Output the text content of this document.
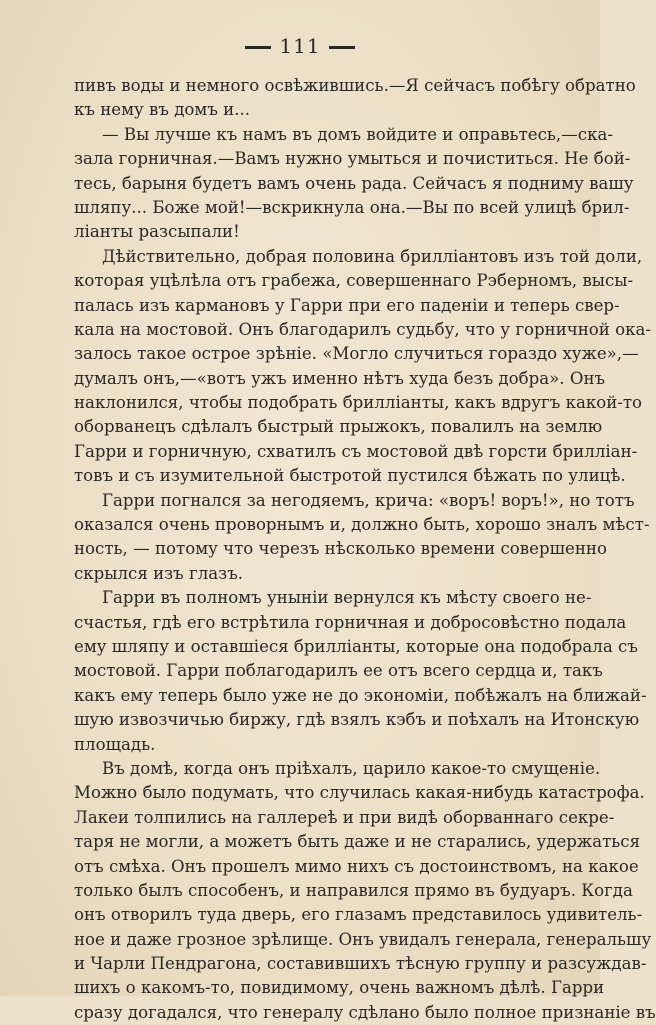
111
пивъ воды и немного освѣжившись.—Я сейчасъ побѣгу обратно
къ нему въ домъ и...
— Вы лучше къ намъ въ домъ войдите и оправьтесь,—ска-
зала горничная.—Вамъ нужно умыться и почиститься. Не бой-
тесь, барыня будетъ вамъ очень рада. Сейчасъ я подниму вашу
шляпу... Боже мой!—вскрикнула она.—Вы по всей улицѣ брил-
ліанты разсыпали!
Дѣйствительно, добрая половина брилліантовъ изъ той доли,
которая уцѣлѣла отъ грабежа, совершеннаго Рэберномъ, высы-
палась изъ кармановъ у Гарри при его паденіи и теперь свер-
кала на мостовой. Онъ благодарилъ судьбу, что у горничной ока-
залось такое острое зрѣніе. «Могло случиться гораздо хуже»,—
думалъ онъ,—«вотъ ужъ именно нѣтъ худа безъ добра». Онъ
наклонился, чтобы подобрать брилліанты, какъ вдругъ какой-то
оборванецъ сдѣлалъ быстрый прыжокъ, повалилъ на землю
Гарри и горничную, схватилъ съ мостовой двѣ горсти брилліан-
товъ и съ изумительной быстротой пустился бѣжать по улицѣ.
Гарри погнался за негодяемъ, крича: «воръ! воръ!», но тотъ
оказался очень проворнымъ и, должно быть, хорошо зналъ мѣст-
ность, — потому что черезъ нѣсколько времени совершенно
скрылся изъ глазъ.
Гарри въ полномъ уныніи вернулся къ мѣсту своего не-
счастья, гдѣ его встрѣтила горничная и добросовѣстно подала
ему шляпу и оставшіеся брилліанты, которые она подобрала съ
мостовой. Гарри поблагодарилъ ее отъ всего сердца и, такъ
какъ ему теперь было уже не до экономіи, побѣжалъ на ближай-
шую извозчичью биржу, гдѣ взялъ кэбъ и поѣхалъ на Итонскую
площадь.
Въ домѣ, когда онъ пріѣхалъ, царило какое-то смущеніе.
Можно было подумать, что случилась какая-нибудь катастрофа.
Лакеи толпились на галлереѣ и при видѣ оборваннаго секре-
таря не могли, а можетъ быть даже и не старались, удержаться
отъ смѣха. Онъ прошелъ мимо нихъ съ достоинствомъ, на какое
только былъ способенъ, и направился прямо въ будуаръ. Когда
онъ отворилъ туда дверь, его глазамъ представилось удивитель-
ное и даже грозное зрѣлище. Онъ увидалъ генерала, генеральшу
и Чарли Пендрагона, составившихъ тѣсную группу и разсуждав-
шихъ о какомъ-то, повидимому, очень важномъ дѣлѣ. Гарри
сразу догадался, что генералу сдѣлано было полное признаніе въ
